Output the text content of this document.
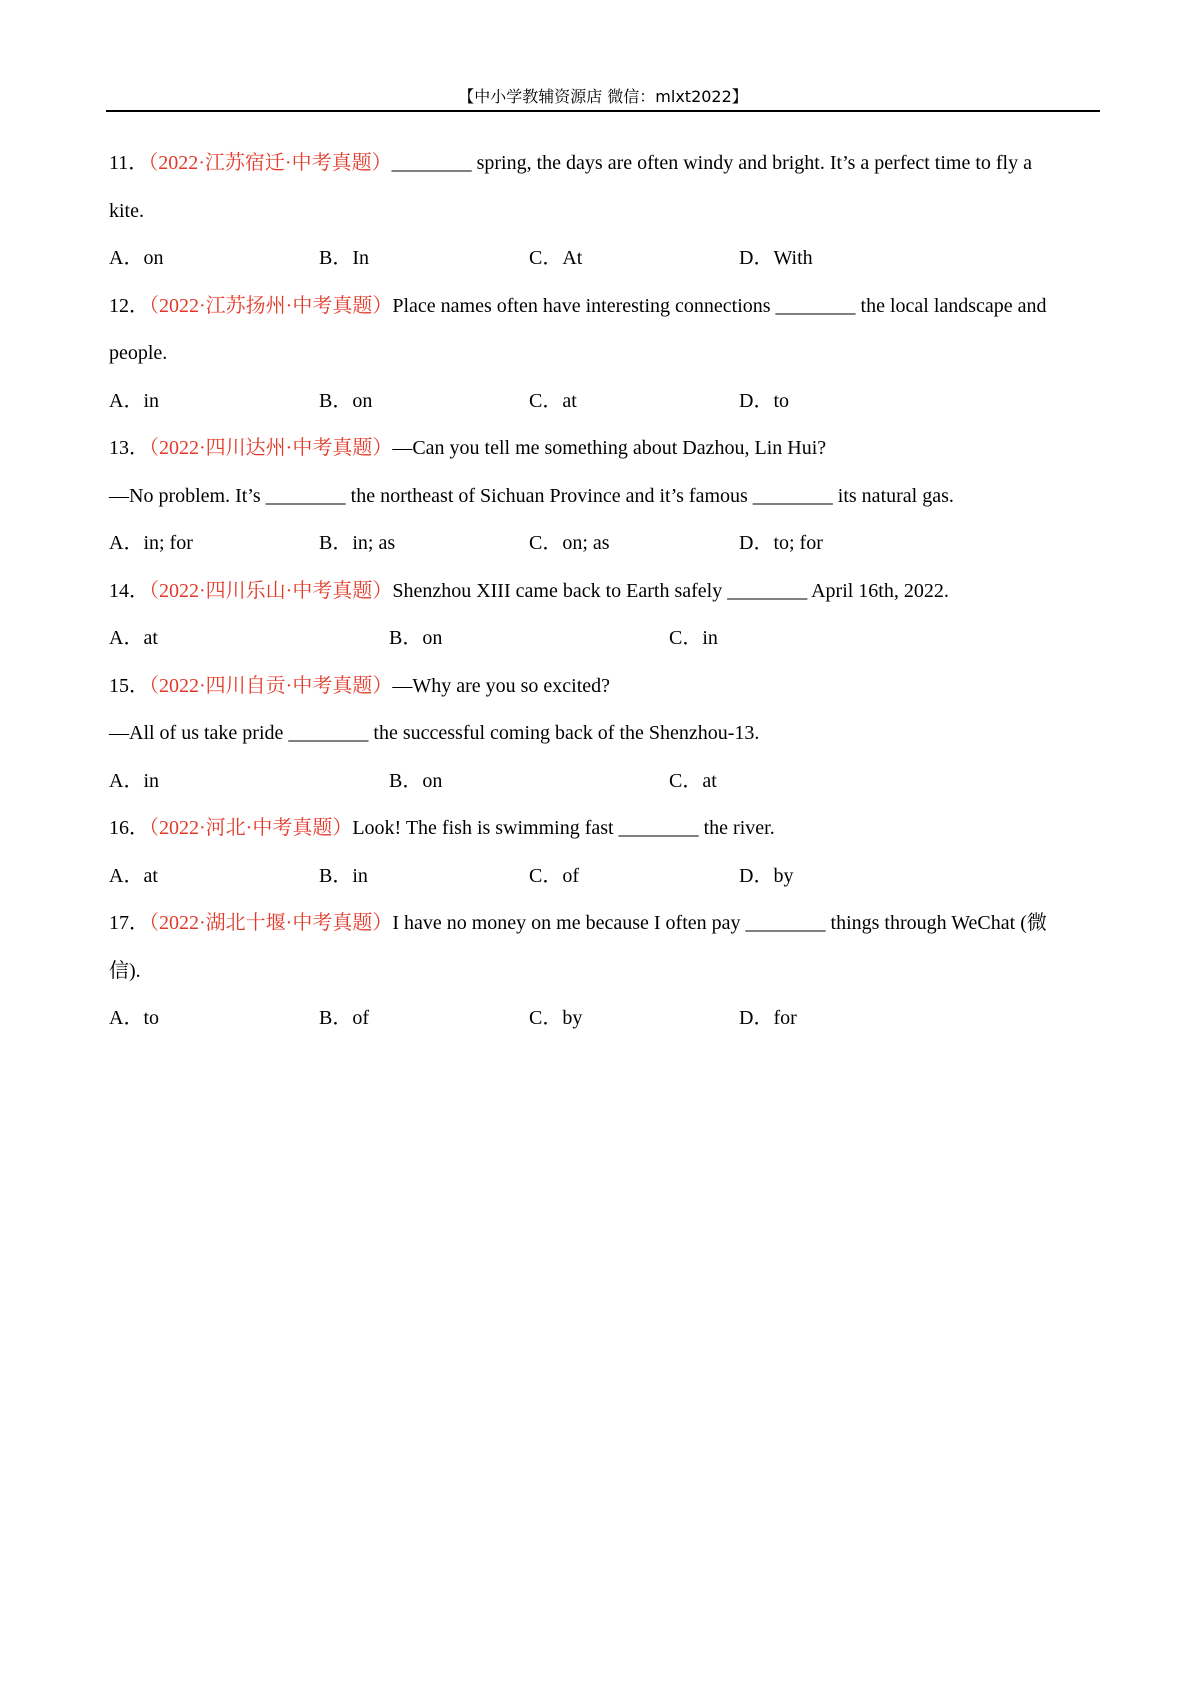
【中小学教辅资源店 微信：mlxt2022】
11．（2022·江苏宿迁·中考真题）________ spring, the days are often windy and bright. It’s a perfect time to fly a
kite.
A．on	B．In	C．At	D．With
12．（2022·江苏扬州·中考真题）Place names often have interesting connections ________ the local landscape and
people.
A．in	B．on	C．at	D．to
13．（2022·四川达州·中考真题）—Can you tell me something about Dazhou, Lin Hui?
—No problem. It’s ________ the northeast of Sichuan Province and it’s famous ________ its natural gas.
A．in; for	B．in; as	C．on; as	D．to; for
14．（2022·四川乐山·中考真题）Shenzhou XIII came back to Earth safely ________ April 16th, 2022.
A．at	B．on	C．in
15．（2022·四川自贡·中考真题）—Why are you so excited?
—All of us take pride ________ the successful coming back of the Shenzhou-13.
A．in	B．on	C．at
16．（2022·河北·中考真题）Look! The fish is swimming fast ________ the river.
A．at	B．in	C．of	D．by
17．（2022·湖北十堰·中考真题）I have no money on me because I often pay ________ things through WeChat (微
信).
A．to	B．of	C．by	D．for
